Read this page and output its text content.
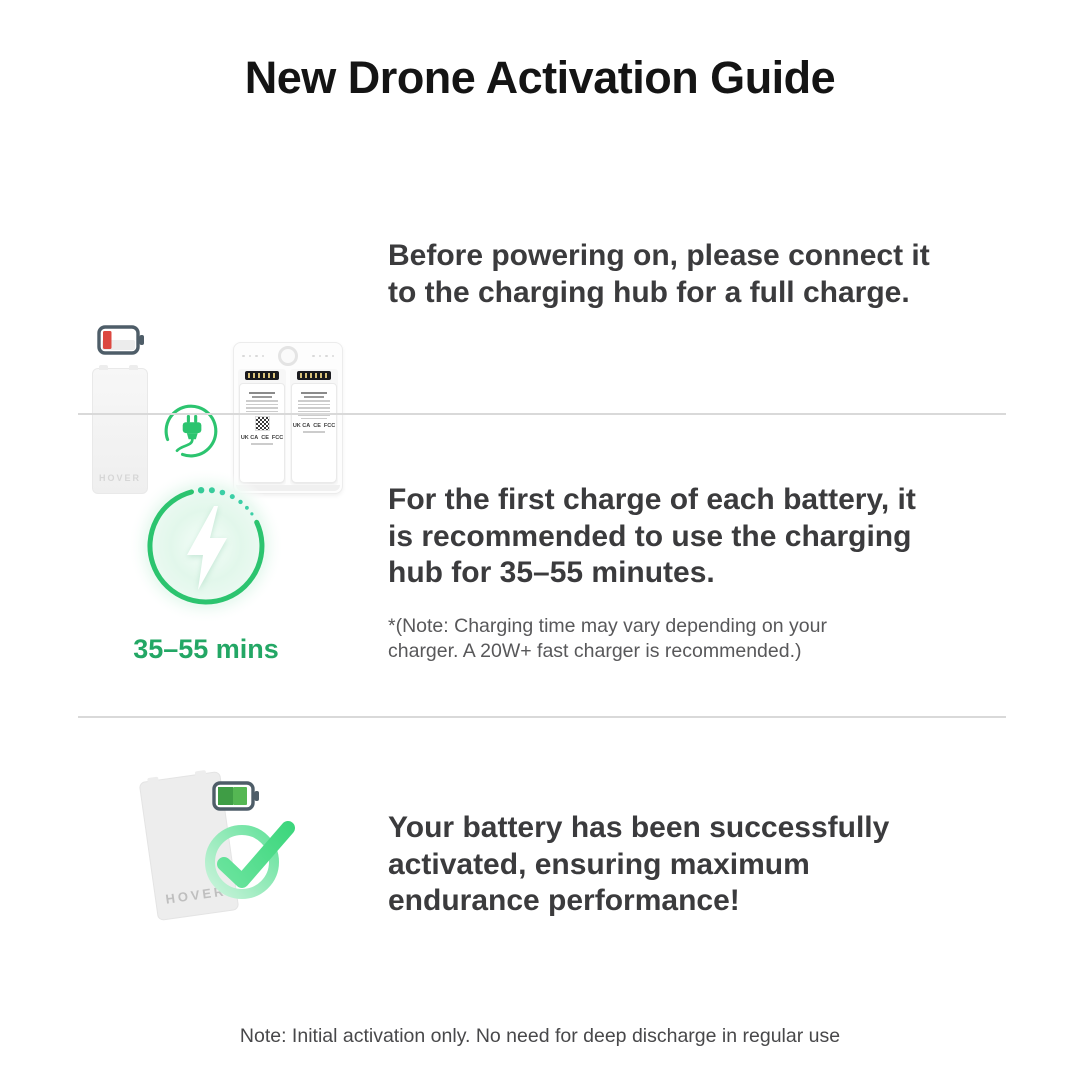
New Drone Activation Guide
HOVER
UK CA CE FCC
UK CA CE FCC
Before powering on, please connect it
to the charging hub for a full charge.
35–55 mins
For the first charge of each battery, it
is recommended to use the charging
hub for 35–55 minutes.
*(Note: Charging time may vary depending on your
charger. A 20W+ fast charger is recommended.)
HOVER
Your battery has been successfully
activated, ensuring maximum
endurance performance!
Note: Initial activation only. No need for deep discharge in regular use
